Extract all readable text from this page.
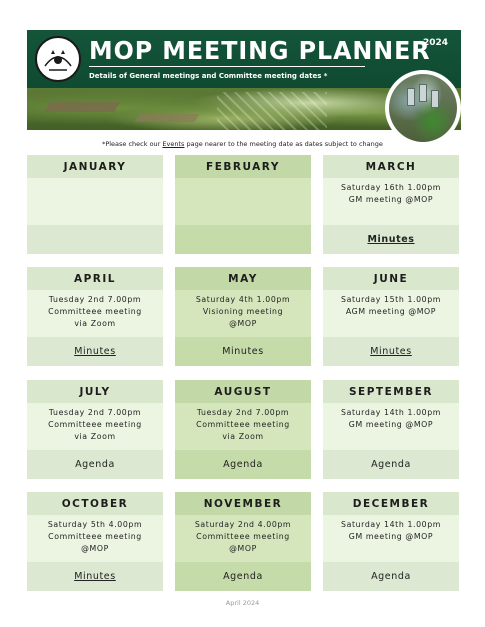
MOP MEETING PLANNER
Details of General meetings and Committee meeting dates *
2024
*Please check our Events page nearer to the meeting date as dates subject to change
JANUARY	FEBRUARY	MARCH
Saturday 16th 1.00pm
GM meeting @MOP
Minutes
APRIL
Tuesday 2nd 7.00pm
Committeee meeting
via Zoom
Minutes
MAY
Saturday 4th 1.00pm
Visioning meeting
@MOP
Minutes
JUNE
Saturday 15th 1.00pm
AGM meeting @MOP
Minutes
JULY
Tuesday 2nd 7.00pm
Committeee meeting
via Zoom
Agenda
AUGUST
Tuesday 2nd 7.00pm
Committeee meeting
via Zoom
Agenda
SEPTEMBER
Saturday 14th 1.00pm
GM meeting @MOP
Agenda
OCTOBER
Saturday 5th 4.00pm
Committeee meeting
@MOP
Minutes
NOVEMBER
Saturday 2nd 4.00pm
Committeee meeting
@MOP
Agenda
DECEMBER
Saturday 14th 1.00pm
GM meeting @MOP
Agenda
April 2024
